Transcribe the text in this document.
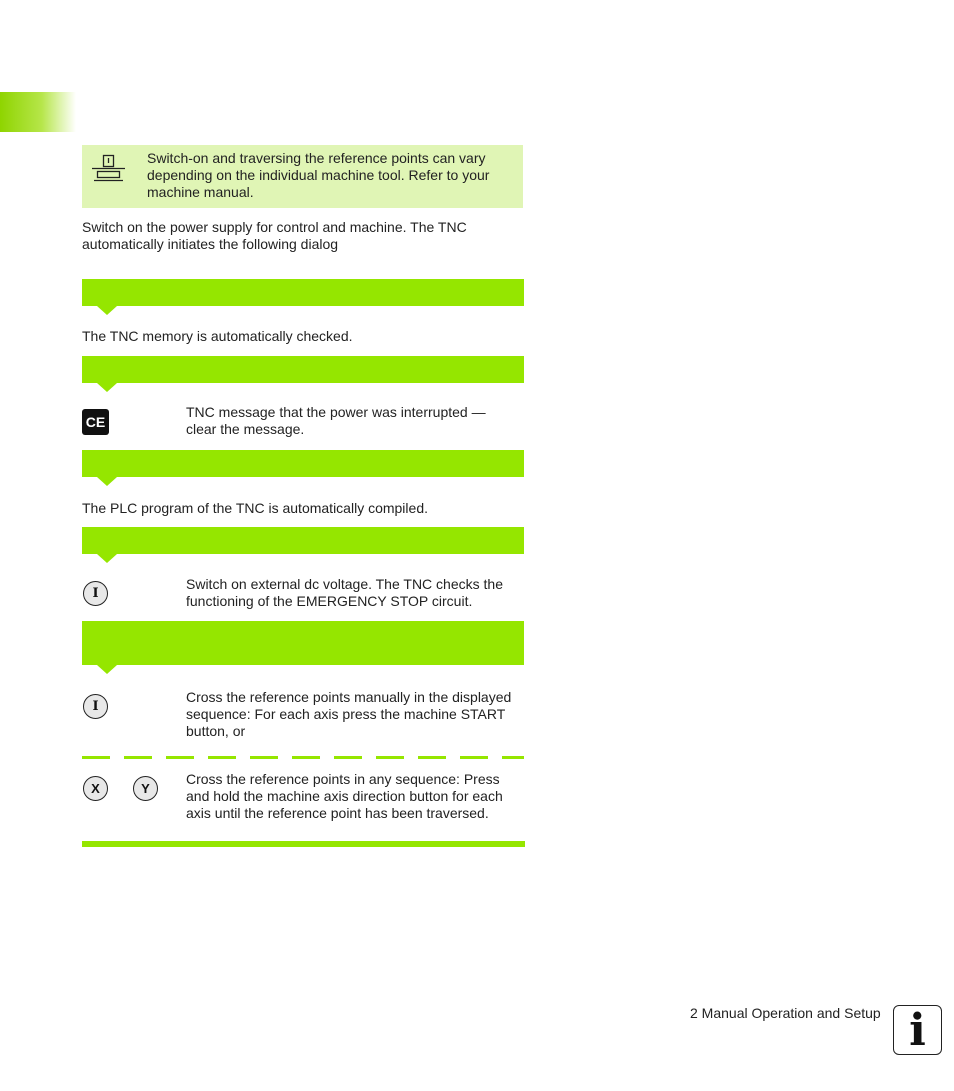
Switch-on and traversing the reference points can vary depending on the individual machine tool. Refer to your machine manual.
Switch on the power supply for control and machine. The TNC automatically initiates the following dialog
The TNC memory is automatically checked.
CE
TNC message that the power was interrupted — clear the message.
The PLC program of the TNC is automatically compiled.
I
Switch on external dc voltage. The TNC checks the functioning of the EMERGENCY STOP circuit.
I
Cross the reference points manually in the displayed sequence: For each axis press the machine START button, or
X	Y
Cross the reference points in any sequence: Press and hold the machine axis direction button for each axis until the reference point has been traversed.
2 Manual Operation and Setup i
